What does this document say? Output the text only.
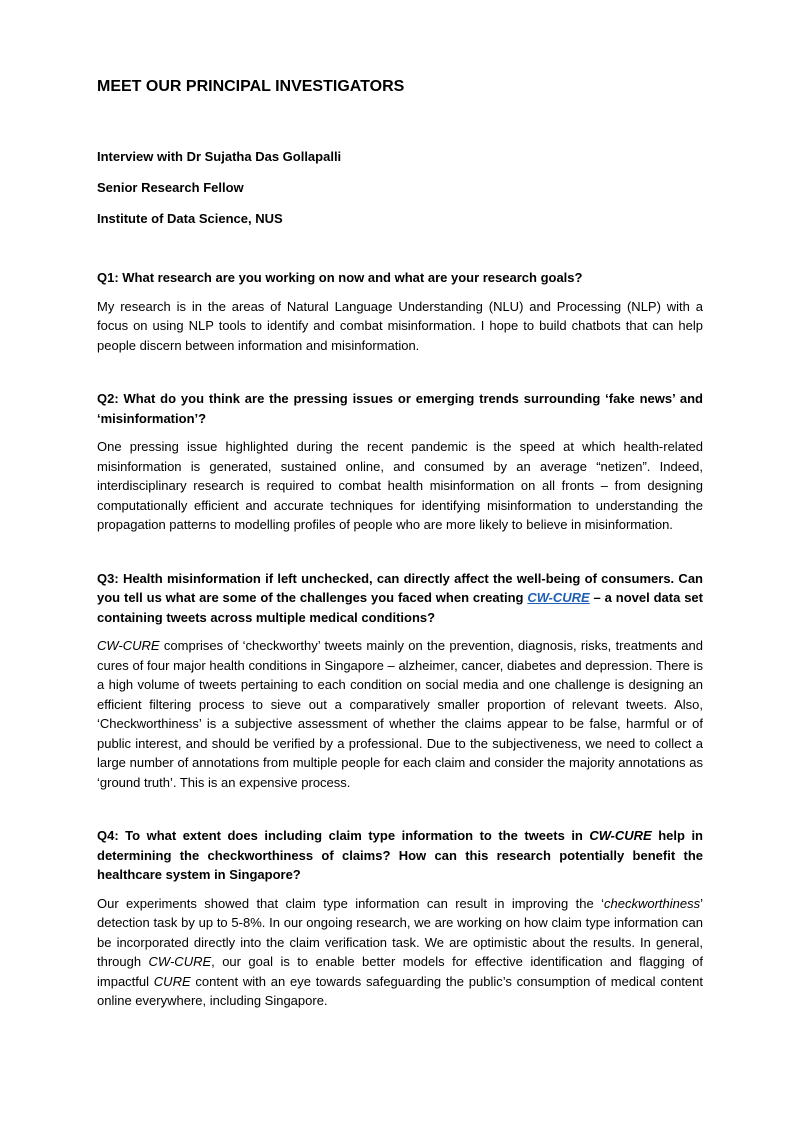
MEET OUR PRINCIPAL INVESTIGATORS

Interview with Dr Sujatha Das Gollapalli

Senior Research Fellow

Institute of Data Science, NUS

Q1: What research are you working on now and what are your research goals?

My research is in the areas of Natural Language Understanding (NLU) and Processing (NLP) with a focus on using NLP tools to identify and combat misinformation. I hope to build chatbots that can help people discern between information and misinformation.

Q2: What do you think are the pressing issues or emerging trends surrounding ‘fake news’ and ‘misinformation’?

One pressing issue highlighted during the recent pandemic is the speed at which health-related misinformation is generated, sustained online, and consumed by an average “netizen”. Indeed, interdisciplinary research is required to combat health misinformation on all fronts – from designing computationally efficient and accurate techniques for identifying misinformation to understanding the propagation patterns to modelling profiles of people who are more likely to believe in misinformation.

Q3: Health misinformation if left unchecked, can directly affect the well-being of consumers. Can you tell us what are some of the challenges you faced when creating CW-CURE – a novel data set containing tweets across multiple medical conditions?

CW-CURE comprises of ‘checkworthy’ tweets mainly on the prevention, diagnosis, risks, treatments and cures of four major health conditions in Singapore – alzheimer, cancer, diabetes and depression. There is a high volume of tweets pertaining to each condition on social media and one challenge is designing an efficient filtering process to sieve out a comparatively smaller proportion of relevant tweets. Also, ‘Checkworthiness’ is a subjective assessment of whether the claims appear to be false, harmful or of public interest, and should be verified by a professional. Due to the subjectiveness, we need to collect a large number of annotations from multiple people for each claim and consider the majority annotations as ‘ground truth’. This is an expensive process.

Q4: To what extent does including claim type information to the tweets in CW-CURE help in determining the checkworthiness of claims? How can this research potentially benefit the healthcare system in Singapore?

Our experiments showed that claim type information can result in improving the ‘checkworthiness’ detection task by up to 5-8%. In our ongoing research, we are working on how claim type information can be incorporated directly into the claim verification task. We are optimistic about the results. In general, through CW-CURE, our goal is to enable better models for effective identification and flagging of impactful CURE content with an eye towards safeguarding the public’s consumption of medical content online everywhere, including Singapore.
